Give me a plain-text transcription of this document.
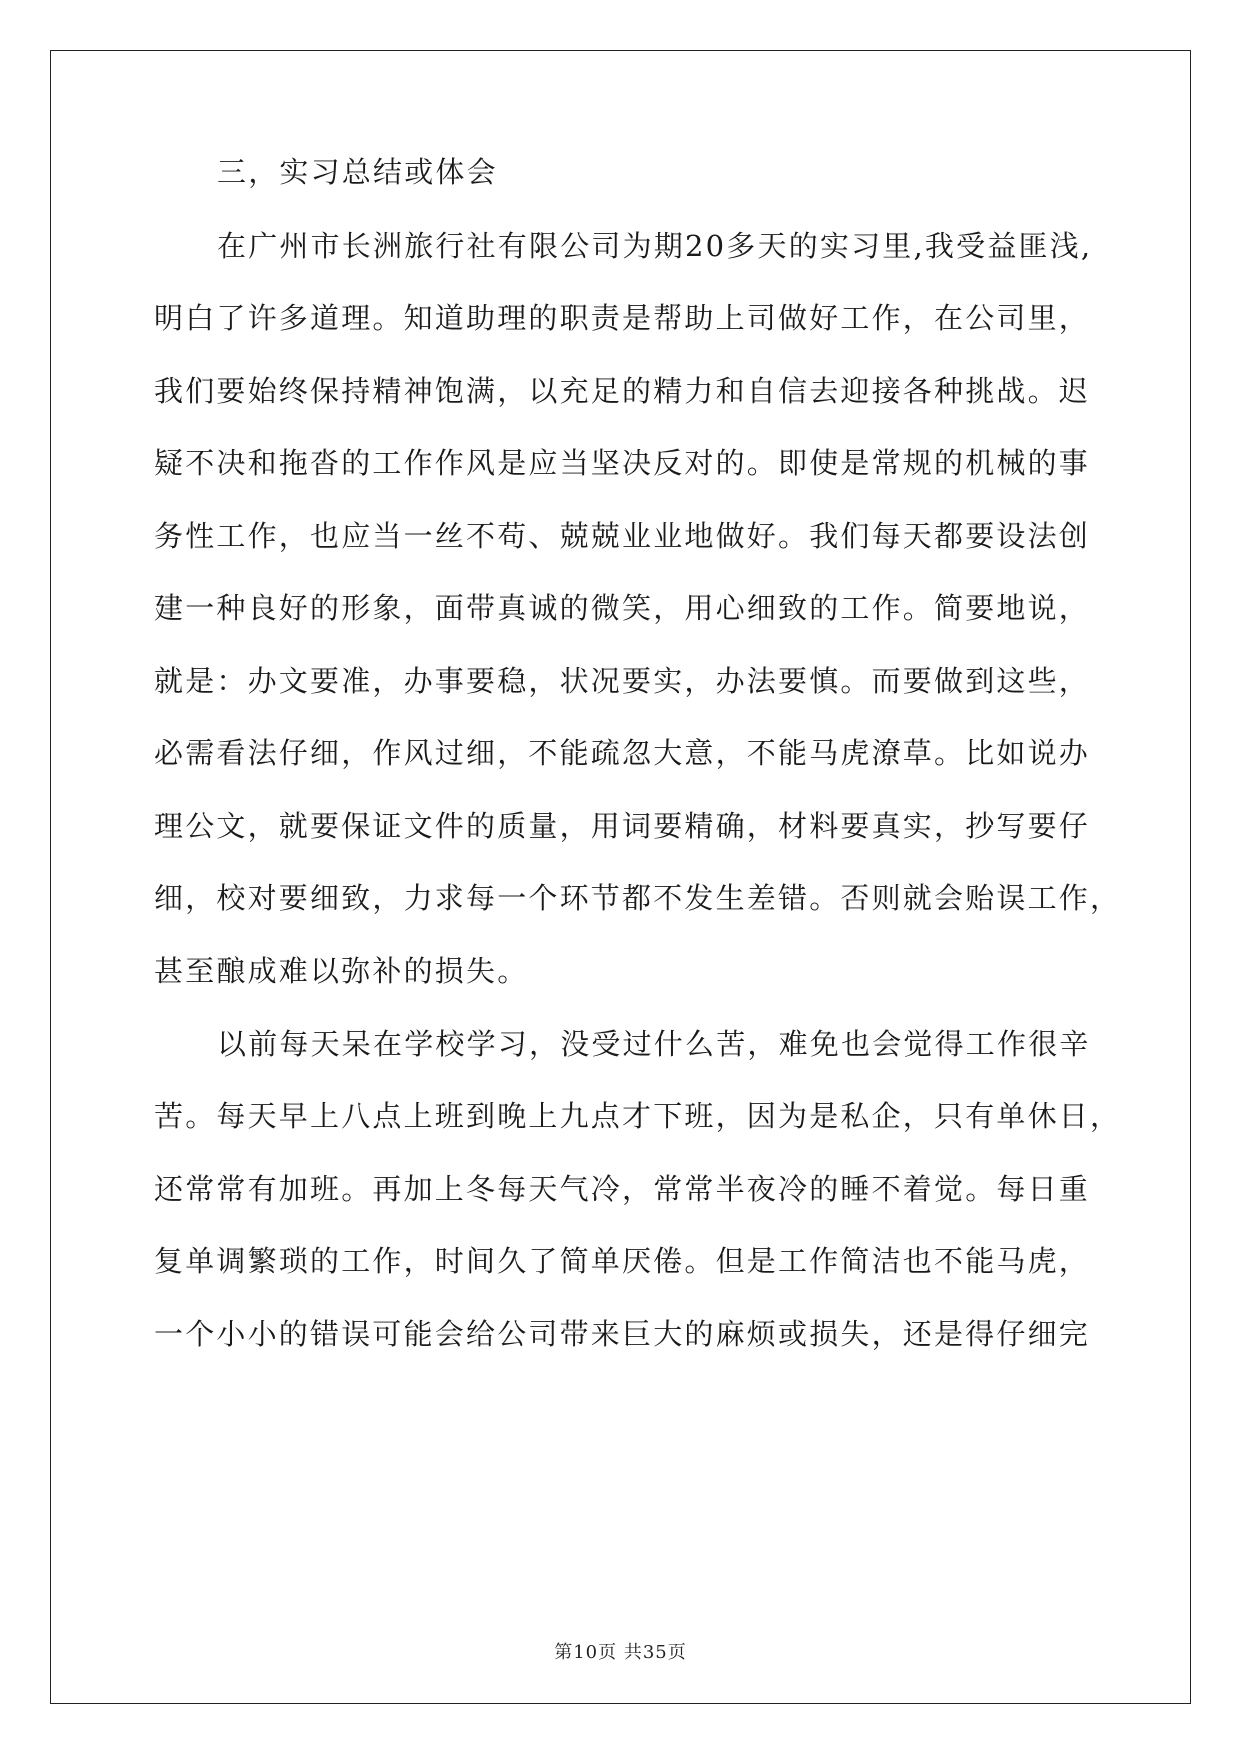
三，实习总结或体会
在广州市长洲旅行社有限公司为期20多天的实习里,我受益匪浅,
明白了许多道理。知道助理的职责是帮助上司做好工作，在公司里，
我们要始终保持精神饱满，以充足的精力和自信去迎接各种挑战。迟
疑不决和拖沓的工作作风是应当坚决反对的。即使是常规的机械的事
务性工作，也应当一丝不苟、兢兢业业地做好。我们每天都要设法创
建一种良好的形象，面带真诚的微笑，用心细致的工作。简要地说，
就是：办文要准，办事要稳，状况要实，办法要慎。而要做到这些，
必需看法仔细，作风过细，不能疏忽大意，不能马虎潦草。比如说办
理公文，就要保证文件的质量，用词要精确，材料要真实，抄写要仔
细，校对要细致，力求每一个环节都不发生差错。否则就会贻误工作，
甚至酿成难以弥补的损失。
以前每天呆在学校学习，没受过什么苦，难免也会觉得工作很辛
苦。每天早上八点上班到晚上九点才下班，因为是私企，只有单休日，
还常常有加班。再加上冬每天气冷，常常半夜冷的睡不着觉。每日重
复单调繁琐的工作，时间久了简单厌倦。但是工作简洁也不能马虎，
一个小小的错误可能会给公司带来巨大的麻烦或损失，还是得仔细完
第10页 共35页
